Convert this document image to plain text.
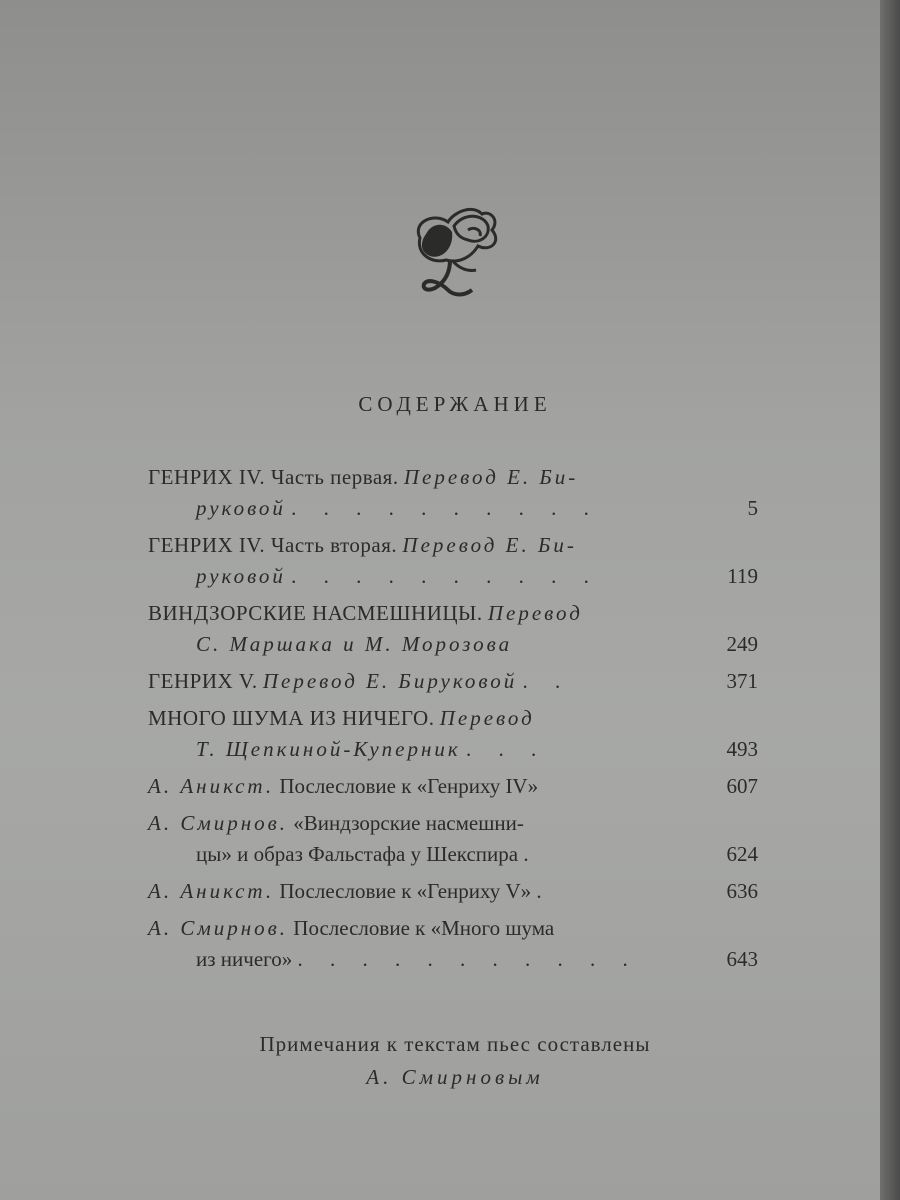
СОДЕРЖАНИЕ
ГЕНРИХ IV. Часть первая. Перевод Е. Би-
руковой . . . . . . . . . .	5
ГЕНРИХ IV. Часть вторая. Перевод Е. Би-
руковой . . . . . . . . . .	119
ВИНДЗОРСКИЕ НАСМЕШНИЦЫ. Перевод
С. Маршака и М. Морозова	249
ГЕНРИХ V. Перевод Е. Бируковой . .	371
МНОГО ШУМА ИЗ НИЧЕГО. Перевод
Т. Щепкиной-Куперник . . .	493
А. Аникст. Послесловие к «Генриху IV»	607
А. Смирнов. «Виндзорские насмешни-
цы» и образ Фальстафа у Шекспира .	624
А. Аникст. Послесловие к «Генриху V» .	636
А. Смирнов. Послесловие к «Много шума
из ничего» . . . . . . . . . . .	643
Примечания к текстам пьес составлены
А. Смирновым
